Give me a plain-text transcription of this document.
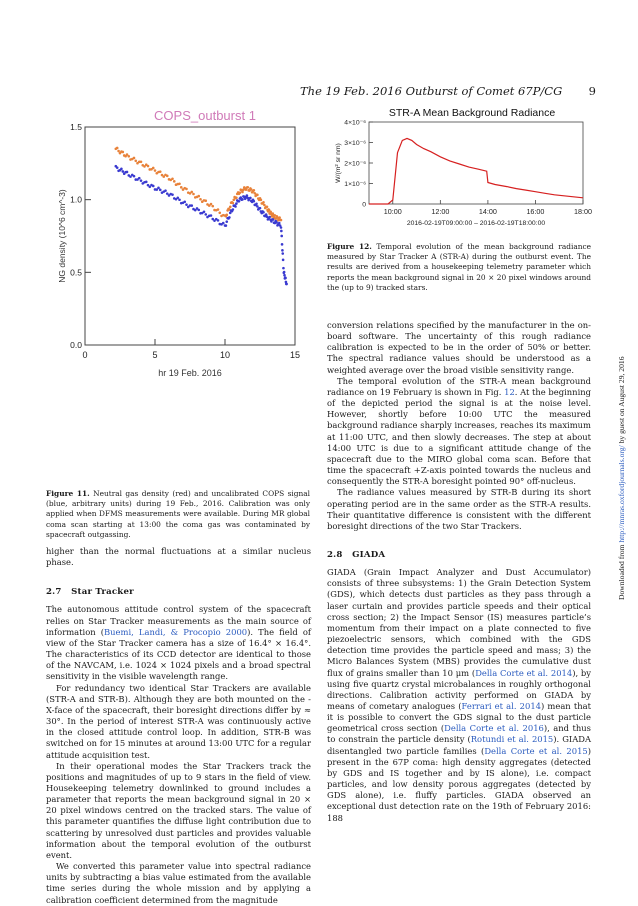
The 19 Feb. 2016 Outburst of Comet 67P/CG 9
COPS_outburst 1
0	5	10	15
0.0
0.5
1.0
1.5
hr 19 Feb. 2016
NG density (10^6 cm^-3)
Figure 11. Neutral gas density (red) and uncalibrated COPS signal (blue, arbitrary units) during 19 Feb., 2016. Calibration was only applied when DFMS measurements were available. During MR global coma scan starting at 13:00 the coma gas was contaminated by spacecraft outgassing.
STR-A Mean Background Radiance
10:00	12:00	14:00	16:00	18:00
0
1×10⁻⁶
2×10⁻⁶
3×10⁻⁶
4×10⁻⁶
2016-02-19T09:00:00 – 2016-02-19T18:00:00
W/(m² sr nm)
Figure 12. Temporal evolution of the mean background radiance measured by Star Tracker A (STR-A) during the outburst event. The results are derived from a housekeeping telemetry parameter which reports the mean background signal in 20 × 20 pixel windows around the (up to 9) tracked stars.

higher than the normal fluctuations at a similar nucleus phase.

2.7 Star Tracker

The autonomous attitude control system of the spacecraft relies on Star Tracker measurements as the main source of information (Buemi, Landi, & Procopio 2000). The field of view of the Star Tracker camera has a size of 16.4° × 16.4°. The characteristics of its CCD detector are identical to those of the NAVCAM, i.e. 1024 × 1024 pixels and a broad spectral sensitivity in the visible wavelength range.

For redundancy two identical Star Trackers are available (STR-A and STR-B). Although they are both mounted on the -X-face of the spacecraft, their boresight directions differ by ≈ 30°. In the period of interest STR-A was continuously active in the closed attitude control loop. In addition, STR-B was switched on for 15 minutes at around 13:00 UTC for a regular attitude acquisition test.

In their operational modes the Star Trackers track the positions and magnitudes of up to 9 stars in the field of view. Housekeeping telemetry downlinked to ground includes a parameter that reports the mean background signal in 20 × 20 pixel windows centred on the tracked stars. The value of this parameter quantifies the diffuse light contribution due to scattering by unresolved dust particles and provides valuable information about the temporal evolution of the outburst event.

We converted this parameter value into spectral radiance units by subtracting a bias value estimated from the available time series during the whole mission and by applying a calibration coefficient determined from the magnitude

conversion relations specified by the manufacturer in the on-board software. The uncertainty of this rough radiance calibration is expected to be in the order of 50% or better. The spectral radiance values should be understood as a weighted average over the broad visible sensitivity range.

The temporal evolution of the STR-A mean background radiance on 19 February is shown in Fig. 12. At the beginning of the depicted period the signal is at the noise level. However, shortly before 10:00 UTC the measured background radiance sharply increases, reaches its maximum at 11:00 UTC, and then slowly decreases. The step at about 14:00 UTC is due to a significant attitude change of the spacecraft due to the MIRO global coma scan. Before that time the spacecraft +Z-axis pointed towards the nucleus and consequently the STR-A boresight pointed 90° off-nucleus.

The radiance values measured by STR-B during its short operating period are in the same order as the STR-A results. Their quantitative difference is consistent with the different boresight directions of the two Star Trackers.

2.8 GIADA

GIADA (Grain Impact Analyzer and Dust Accumulator) consists of three subsystems: 1) the Grain Detection System (GDS), which detects dust particles as they pass through a laser curtain and provides particle speeds and their optical cross section; 2) the Impact Sensor (IS) measures particle’s momentum from their impact on a plate connected to five piezoelectric sensors, which combined with the GDS detection time provides the particle speed and mass; 3) the Micro Balances System (MBS) provides the cumulative dust flux of grains smaller than 10 μm (Della Corte et al. 2014), by using five quartz crystal microbalances in roughly orthogonal directions. Calibration activity performed on GIADA by means of cometary analogues (Ferrari et al. 2014) mean that it is possible to convert the GDS signal to the dust particle geometrical cross section (Della Corte et al. 2016), and thus to constrain the particle density (Rotundi et al. 2015). GIADA disentangled two particle families (Della Corte et al. 2015) present in the 67P coma: high density aggregates (detected by GDS and IS together and by IS alone), i.e. compact particles, and low density porous aggregates (detected by GDS alone), i.e. fluffy particles. GIADA observed an exceptional dust detection rate on the 19th of February 2016: 188

Downloaded from http://mnras.oxfordjournals.org/ by guest on August 29, 2016
